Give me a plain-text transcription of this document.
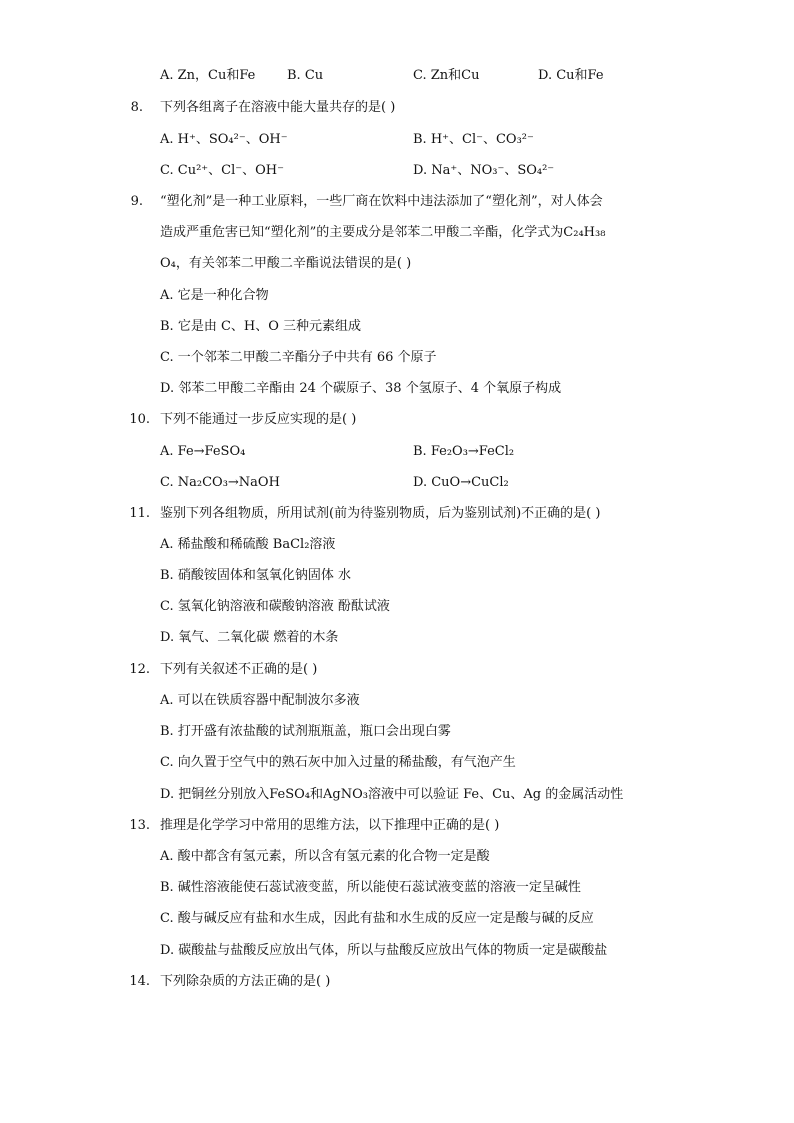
A. Zn，Cu和Fe B. Cu	C. Zn和Cu	D. Cu和Fe
8. 下列各组离子在溶液中能大量共存的是( )
A. H⁺、SO₄²⁻、OH⁻	B. H⁺、Cl⁻、CO₃²⁻
C. Cu²⁺、Cl⁻、OH⁻	D. Na⁺、NO₃⁻、SO₄²⁻
9. “塑化剂”是一种工业原料，一些厂商在饮料中违法添加了“塑化剂”，对人体会
造成严重危害已知“塑化剂”的主要成分是邻苯二甲酸二辛酯，化学式为C₂₄H₃₈
O₄，有关邻苯二甲酸二辛酯说法错误的是( )
A. 它是一种化合物
B. 它是由 C、H、O 三种元素组成
C. 一个邻苯二甲酸二辛酯分子中共有 66 个原子
D. 邻苯二甲酸二辛酯由 24 个碳原子、38 个氢原子、4 个氧原子构成
10. 下列不能通过一步反应实现的是( )
A. Fe→FeSO₄	B. Fe₂O₃→FeCl₂
C. Na₂CO₃→NaOH	D. CuO→CuCl₂
11. 鉴别下列各组物质，所用试剂(前为待鉴别物质，后为鉴别试剂)不正确的是( )
A. 稀盐酸和稀硫酸 BaCl₂溶液
B. 硝酸铵固体和氢氧化钠固体 水
C. 氢氧化钠溶液和碳酸钠溶液 酚酞试液
D. 氧气、二氧化碳 燃着的木条
12. 下列有关叙述不正确的是( )
A. 可以在铁质容器中配制波尔多液
B. 打开盛有浓盐酸的试剂瓶瓶盖，瓶口会出现白雾
C. 向久置于空气中的熟石灰中加入过量的稀盐酸，有气泡产生
D. 把铜丝分别放入FeSO₄和AgNO₃溶液中可以验证 Fe、Cu、Ag 的金属活动性
13. 推理是化学学习中常用的思维方法，以下推理中正确的是( )
A. 酸中都含有氢元素，所以含有氢元素的化合物一定是酸
B. 碱性溶液能使石蕊试液变蓝，所以能使石蕊试液变蓝的溶液一定呈碱性
C. 酸与碱反应有盐和水生成，因此有盐和水生成的反应一定是酸与碱的反应
D. 碳酸盐与盐酸反应放出气体，所以与盐酸反应放出气体的物质一定是碳酸盐
14. 下列除杂质的方法正确的是( )
